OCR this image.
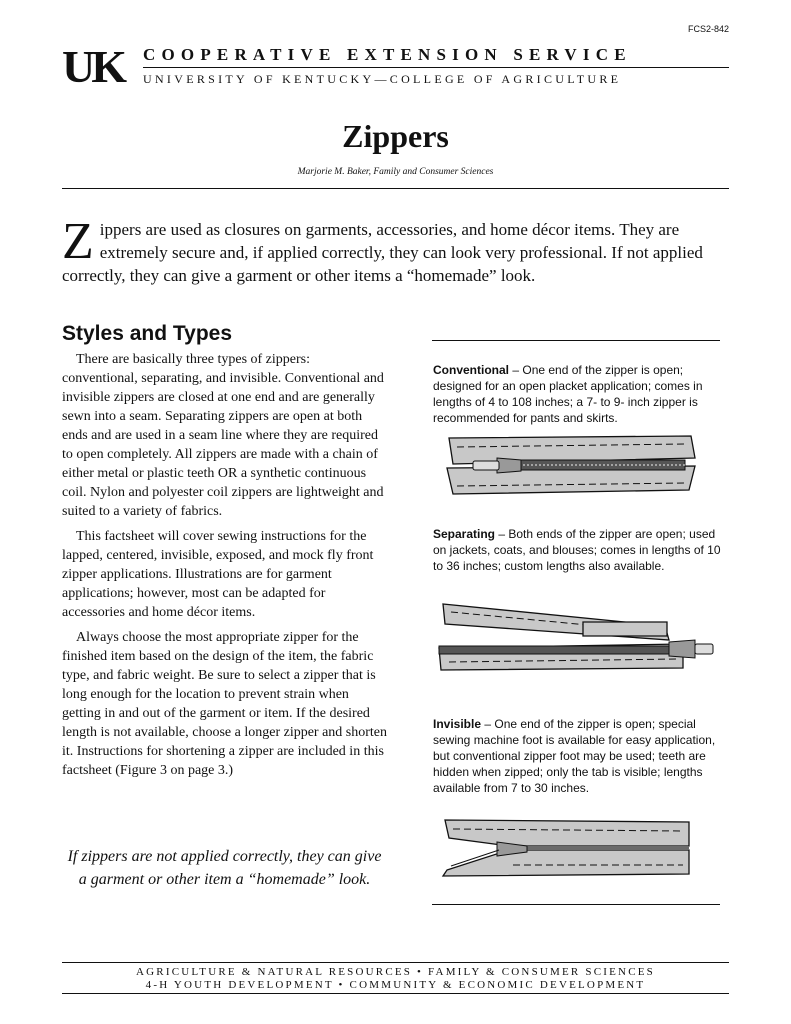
FCS2-842
UK COOPERATIVE EXTENSION SERVICE
UNIVERSITY OF KENTUCKY—COLLEGE OF AGRICULTURE
Zippers
Marjorie M. Baker, Family and Consumer Sciences
Zippers are used as closures on garments, accessories, and home décor items. They are extremely secure and, if applied correctly, they can look very professional. If not applied correctly, they can give a garment or other items a “homemade” look.
Styles and Types

There are basically three types of zippers: conventional, separating, and invisible. Conventional and invisible zippers are closed at one end and are generally sewn into a seam. Separating zippers are open at both ends and are used in a seam line where they are required to open completely. All zippers are made with a chain of either metal or plastic teeth OR a synthetic continuous coil. Nylon and polyester coil zippers are lightweight and suited to a variety of fabrics.

This factsheet will cover sewing instructions for the lapped, centered, invisible, exposed, and mock fly front zipper applications. Illustrations are for garment applications; however, most can be adapted for accessories and home décor items.

Always choose the most appropriate zipper for the finished item based on the design of the item, the fabric type, and fabric weight. Be sure to select a zipper that is long enough for the location to prevent strain when getting in and out of the garment or item. If the desired length is not available, choose a longer zipper and shorten it. Instructions for shortening a zipper are included in this factsheet (Figure 3 on page 3.)

If zippers are not applied correctly, they can give a garment or other item a “homemade” look.
Conventional – One end of the zipper is open; designed for an open placket application; comes in lengths of 4 to 108 inches; a 7- to 9- inch zipper is recommended for pants and skirts.
Separating – Both ends of the zipper are open; used on jackets, coats, and blouses; comes in lengths of 10 to 36 inches; custom lengths also available.
Invisible – One end of the zipper is open; special sewing machine foot is available for easy application, but conventional zipper foot may be used; teeth are hidden when zipped; only the tab is visible; lengths available from 7 to 30 inches.
AGRICULTURE & NATURAL RESOURCES • FAMILY & CONSUMER SCIENCES
4-H YOUTH DEVELOPMENT • COMMUNITY & ECONOMIC DEVELOPMENT
